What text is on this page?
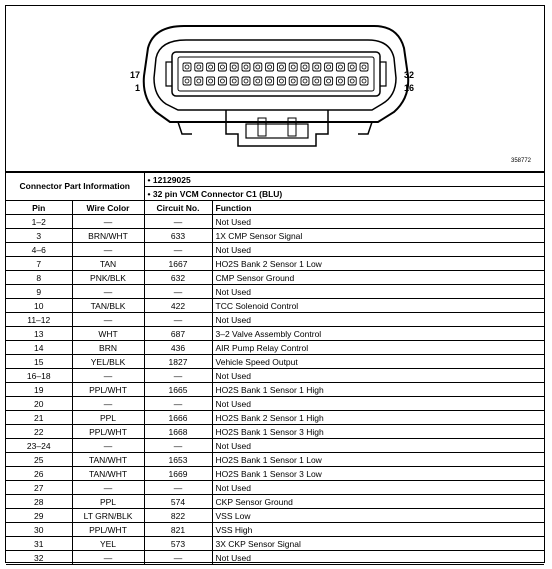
17
1
32
16
358772
Connector Part Information		• 12129025	
		• 32 pin VCM Connector C1 (BLU)	
Pin	Wire Color	Circuit No.	Function
1–2	—	—	Not Used
3	BRN/WHT	633	1X CMP Sensor Signal
4–6	—	—	Not Used
7	TAN	1667	HO2S Bank 2 Sensor 1 Low
8	PNK/BLK	632	CMP Sensor Ground
9	—	—	Not Used
10	TAN/BLK	422	TCC Solenoid Control
11–12	—	—	Not Used
13	WHT	687	3–2 Valve Assembly Control
14	BRN	436	AIR Pump Relay Control
15	YEL/BLK	1827	Vehicle Speed Output
16–18	—	—	Not Used
19	PPL/WHT	1665	HO2S Bank 1 Sensor 1 High
20	—	—	Not Used
21	PPL	1666	HO2S Bank 2 Sensor 1 High
22	PPL/WHT	1668	HO2S Bank 1 Sensor 3 High
23–24	—	—	Not Used
25	TAN/WHT	1653	HO2S Bank 1 Sensor 1 Low
26	TAN/WHT	1669	HO2S Bank 1 Sensor 3 Low
27	—	—	Not Used
28	PPL	574	CKP Sensor Ground
29	LT GRN/BLK	822	VSS Low
30	PPL/WHT	821	VSS High
31	YEL	573	3X CKP Sensor Signal
32	—	—	Not Used
